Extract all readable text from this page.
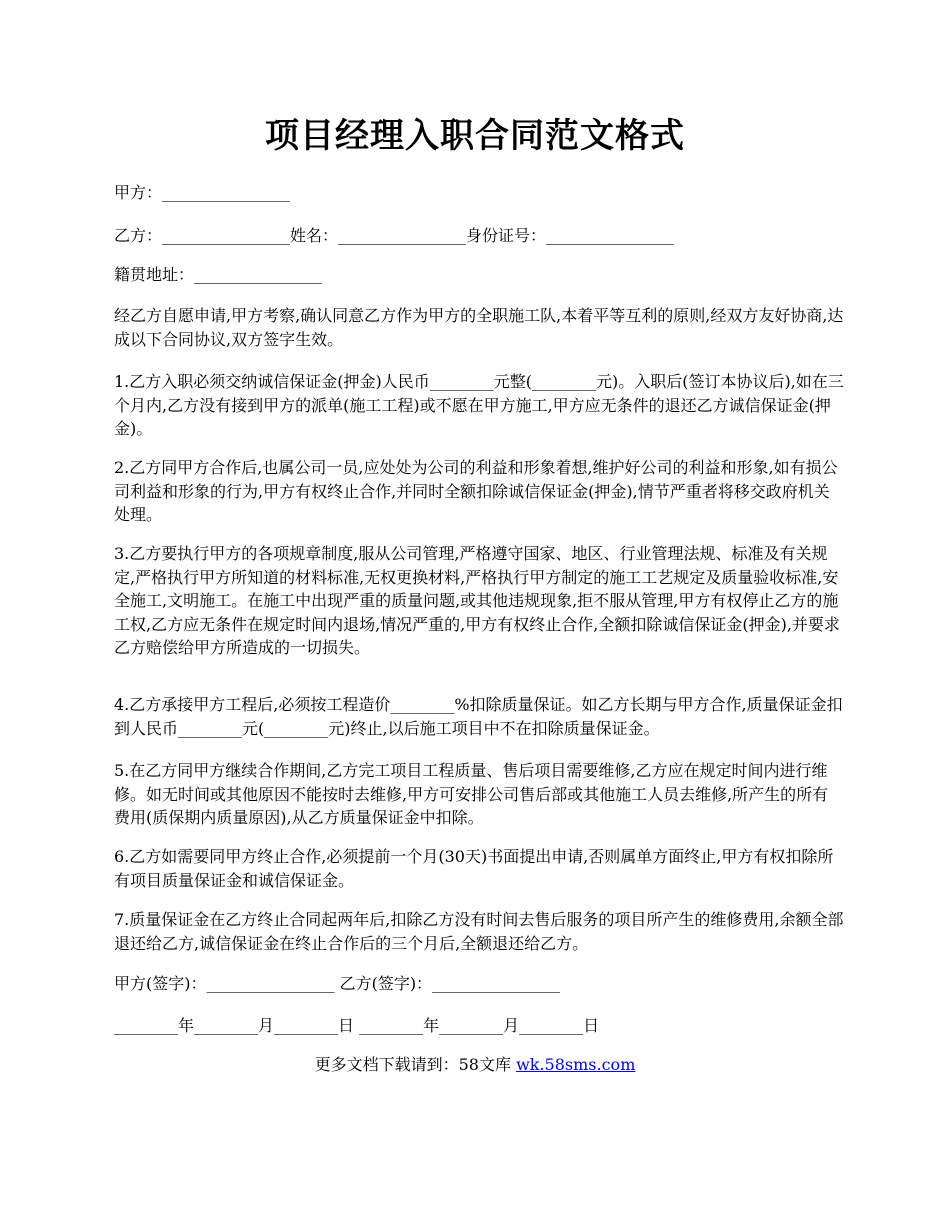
项目经理入职合同范文格式

甲方：________________

乙方：________________姓名：________________身份证号：________________

籍贯地址：________________

经乙方自愿申请,甲方考察,确认同意乙方作为甲方的全职施工队,本着平等互利的原则,经双方友好协商,达成以下合同协议,双方签字生效。

1.乙方入职必须交纳诚信保证金(押金)人民币________元整(________元)。入职后(签订本协议后),如在三个月内,乙方没有接到甲方的派单(施工工程)或不愿在甲方施工,甲方应无条件的退还乙方诚信保证金(押金)。

2.乙方同甲方合作后,也属公司一员,应处处为公司的利益和形象着想,维护好公司的利益和形象,如有损公司利益和形象的行为,甲方有权终止合作,并同时全额扣除诚信保证金(押金),情节严重者将移交政府机关处理。

3.乙方要执行甲方的各项规章制度,服从公司管理,严格遵守国家、地区、行业管理法规、标准及有关规定,严格执行甲方所知道的材料标准,无权更换材料,严格执行甲方制定的施工工艺规定及质量验收标准,安全施工,文明施工。在施工中出现严重的质量问题,或其他违规现象,拒不服从管理,甲方有权停止乙方的施工权,乙方应无条件在规定时间内退场,情况严重的,甲方有权终止合作,全额扣除诚信保证金(押金),并要求乙方赔偿给甲方所造成的一切损失。

4.乙方承接甲方工程后,必须按工程造价________%扣除质量保证。如乙方长期与甲方合作,质量保证金扣到人民币________元(________元)终止,以后施工项目中不在扣除质量保证金。

5.在乙方同甲方继续合作期间,乙方完工项目工程质量、售后项目需要维修,乙方应在规定时间内进行维修。如无时间或其他原因不能按时去维修,甲方可安排公司售后部或其他施工人员去维修,所产生的所有费用(质保期内质量原因),从乙方质量保证金中扣除。

6.乙方如需要同甲方终止合作,必须提前一个月(30天)书面提出申请,否则属单方面终止,甲方有权扣除所有项目质量保证金和诚信保证金。

7.质量保证金在乙方终止合同起两年后,扣除乙方没有时间去售后服务的项目所产生的维修费用,余额全部退还给乙方,诚信保证金在终止合作后的三个月后,全额退还给乙方。

甲方(签字)：________________ 乙方(签字)：________________

________年________月________日 ________年________月________日

更多文档下载请到：58文库 wk.58sms.com
